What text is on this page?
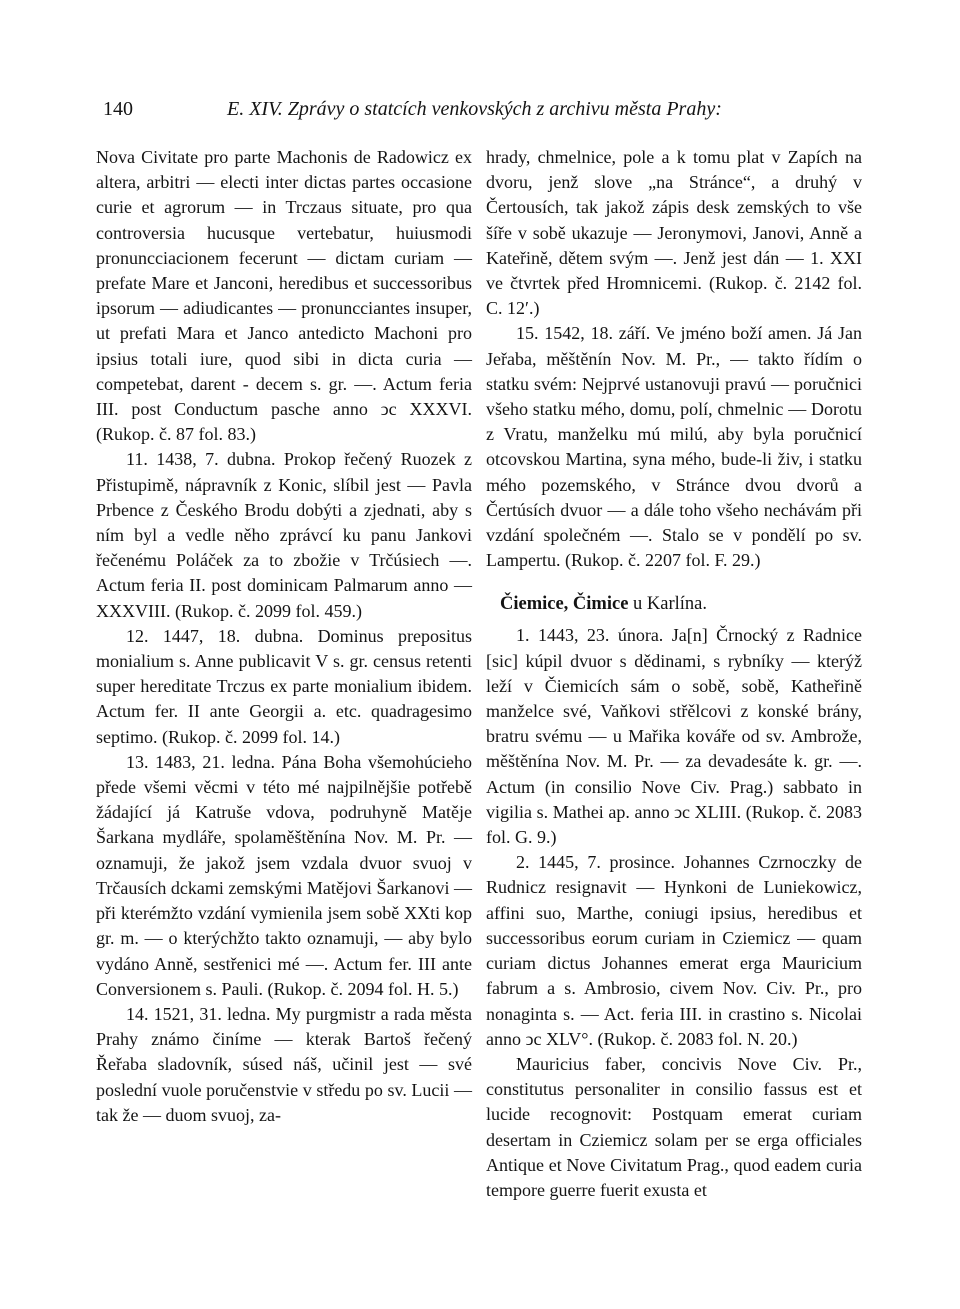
140	E. XIV. Zprávy o statcích venkovských z archivu města Prahy:

Nova Civitate pro parte Machonis de Radowicz ex altera, arbitri — electi inter dictas partes occasione curie et agrorum — in Trczaus situate, pro qua controversia hucusque vertebatur, huiusmodi pronuncciacionem fecerunt — dictam curiam — prefate Mare et Janconi, heredibus et successoribus ipsorum — adiudicantes — pronuncciantes insuper, ut prefati Mara et Janco antedicto Machoni pro ipsius totali iure, quod sibi in dicta curia — competebat, darent - decem s. gr. —. Actum feria III. post Conductum pasche anno ↄc XXXVI. (Rukop. č. 87 fol. 83.)

11. 1438, 7. dubna. Prokop řečený Ruozek z Přistupimě, nápravník z Konic, slíbil jest — Pavla Prbence z Českého Brodu dobýti a zjednati, aby s ním byl a vedle něho zprávcí ku panu Jankovi řečenému Poláček za to zbožie v Trčúsiech —. Actum feria II. post dominicam Palmarum anno — XXXVIII. (Rukop. č. 2099 fol. 459.)

12. 1447, 18. dubna. Dominus prepositus monialium s. Anne publicavit V s. gr. census retenti super hereditate Trczus ex parte monialium ibidem. Actum fer. II ante Georgii a. etc. quadragesimo septimo. (Rukop. č. 2099 fol. 14.)

13. 1483, 21. ledna. Pána Boha všemohúcieho přede všemi věcmi v této mé najpilnějšie potřebě žádající já Katruše vdova, podruhyně Matěje Šarkana mydláře, spolaměštěnína Nov. M. Pr. — oznamuji, že jakož jsem vzdala dvuor svuoj v Trčausích dckami zemskými Matějovi Šarkanovi — při kterémžto vzdání vymienila jsem sobě XXti kop gr. m. — o kterýchžto takto oznamuji, — aby bylo vydáno Anně, sestřenici mé —. Actum fer. III ante Conversionem s. Pauli. (Rukop. č. 2094 fol. H. 5.)

14. 1521, 31. ledna. My purgmistr a rada města Prahy známo činíme — kterak Bartoš řečený Řeřaba sladovník, súsed náš, učinil jest — své poslední vuole poručenstvie v středu po sv. Lucii — tak že — duom svuoj, za-

hrady, chmelnice, pole a k tomu plat v Zapích na dvoru, jenž slove „na Stránce“, a druhý v Čertousích, tak jakož zápis desk zemských to vše šíře v sobě ukazuje — Jeronymovi, Janovi, Anně a Kateřině, dětem svým —. Jenž jest dán — 1. XXI ve čtvrtek před Hromnicemi. (Rukop. č. 2142 fol. C. 12′.)

15. 1542, 18. září. Ve jméno boží amen. Já Jan Jeřaba, měštěnín Nov. M. Pr., — takto řídím o statku svém: Nejprvé ustanovuji pravú — poručnici všeho statku mého, domu, polí, chmelnic — Dorotu z Vratu, manželku mú milú, aby byla poručnicí otcovskou Martina, syna mého, bude-li živ, i statku mého pozemského, v Stránce dvou dvorů a Čertúsích dvuor — a dále toho všeho nechávám při vzdání společném —. Stalo se v pondělí po sv. Lampertu. (Rukop. č. 2207 fol. F. 29.)

Čiemice, Čimice u Karlína.

1. 1443, 23. února. Ja[n] Črnocký z Radnice [sic] kúpil dvuor s dědinami, s rybníky — kterýž leží v Čiemicích sám o sobě, sobě, Katheřině manželce své, Vaňkovi střělcovi z konské brány, bratru svému — u Mařika kováře od sv. Ambrože, měštěnína Nov. M. Pr. — za devadesáte k. gr. —. Actum (in consilio Nove Civ. Prag.) sabbato in vigilia s. Mathei ap. anno ↄc XLIII. (Rukop. č. 2083 fol. G. 9.)

2. 1445, 7. prosince. Johannes Czrnoczky de Rudnicz resignavit — Hynkoni de Luniekowicz, affini suo, Marthe, coniugi ipsius, heredibus et successoribus eorum curiam in Cziemicz — quam curiam dictus Johannes emerat erga Mauricium fabrum a s. Ambrosio, civem Nov. Civ. Pr., pro nonaginta s. — Act. feria III. in crastino s. Nicolai anno ↄc XLV°. (Rukop. č. 2083 fol. N. 20.)

Mauricius faber, concivis Nove Civ. Pr., constitutus personaliter in consilio fassus est et lucide recognovit: Postquam emerat curiam desertam in Cziemicz solam per se erga officiales Antique et Nove Civitatum Prag., quod eadem curia tempore guerre fuerit exusta et
